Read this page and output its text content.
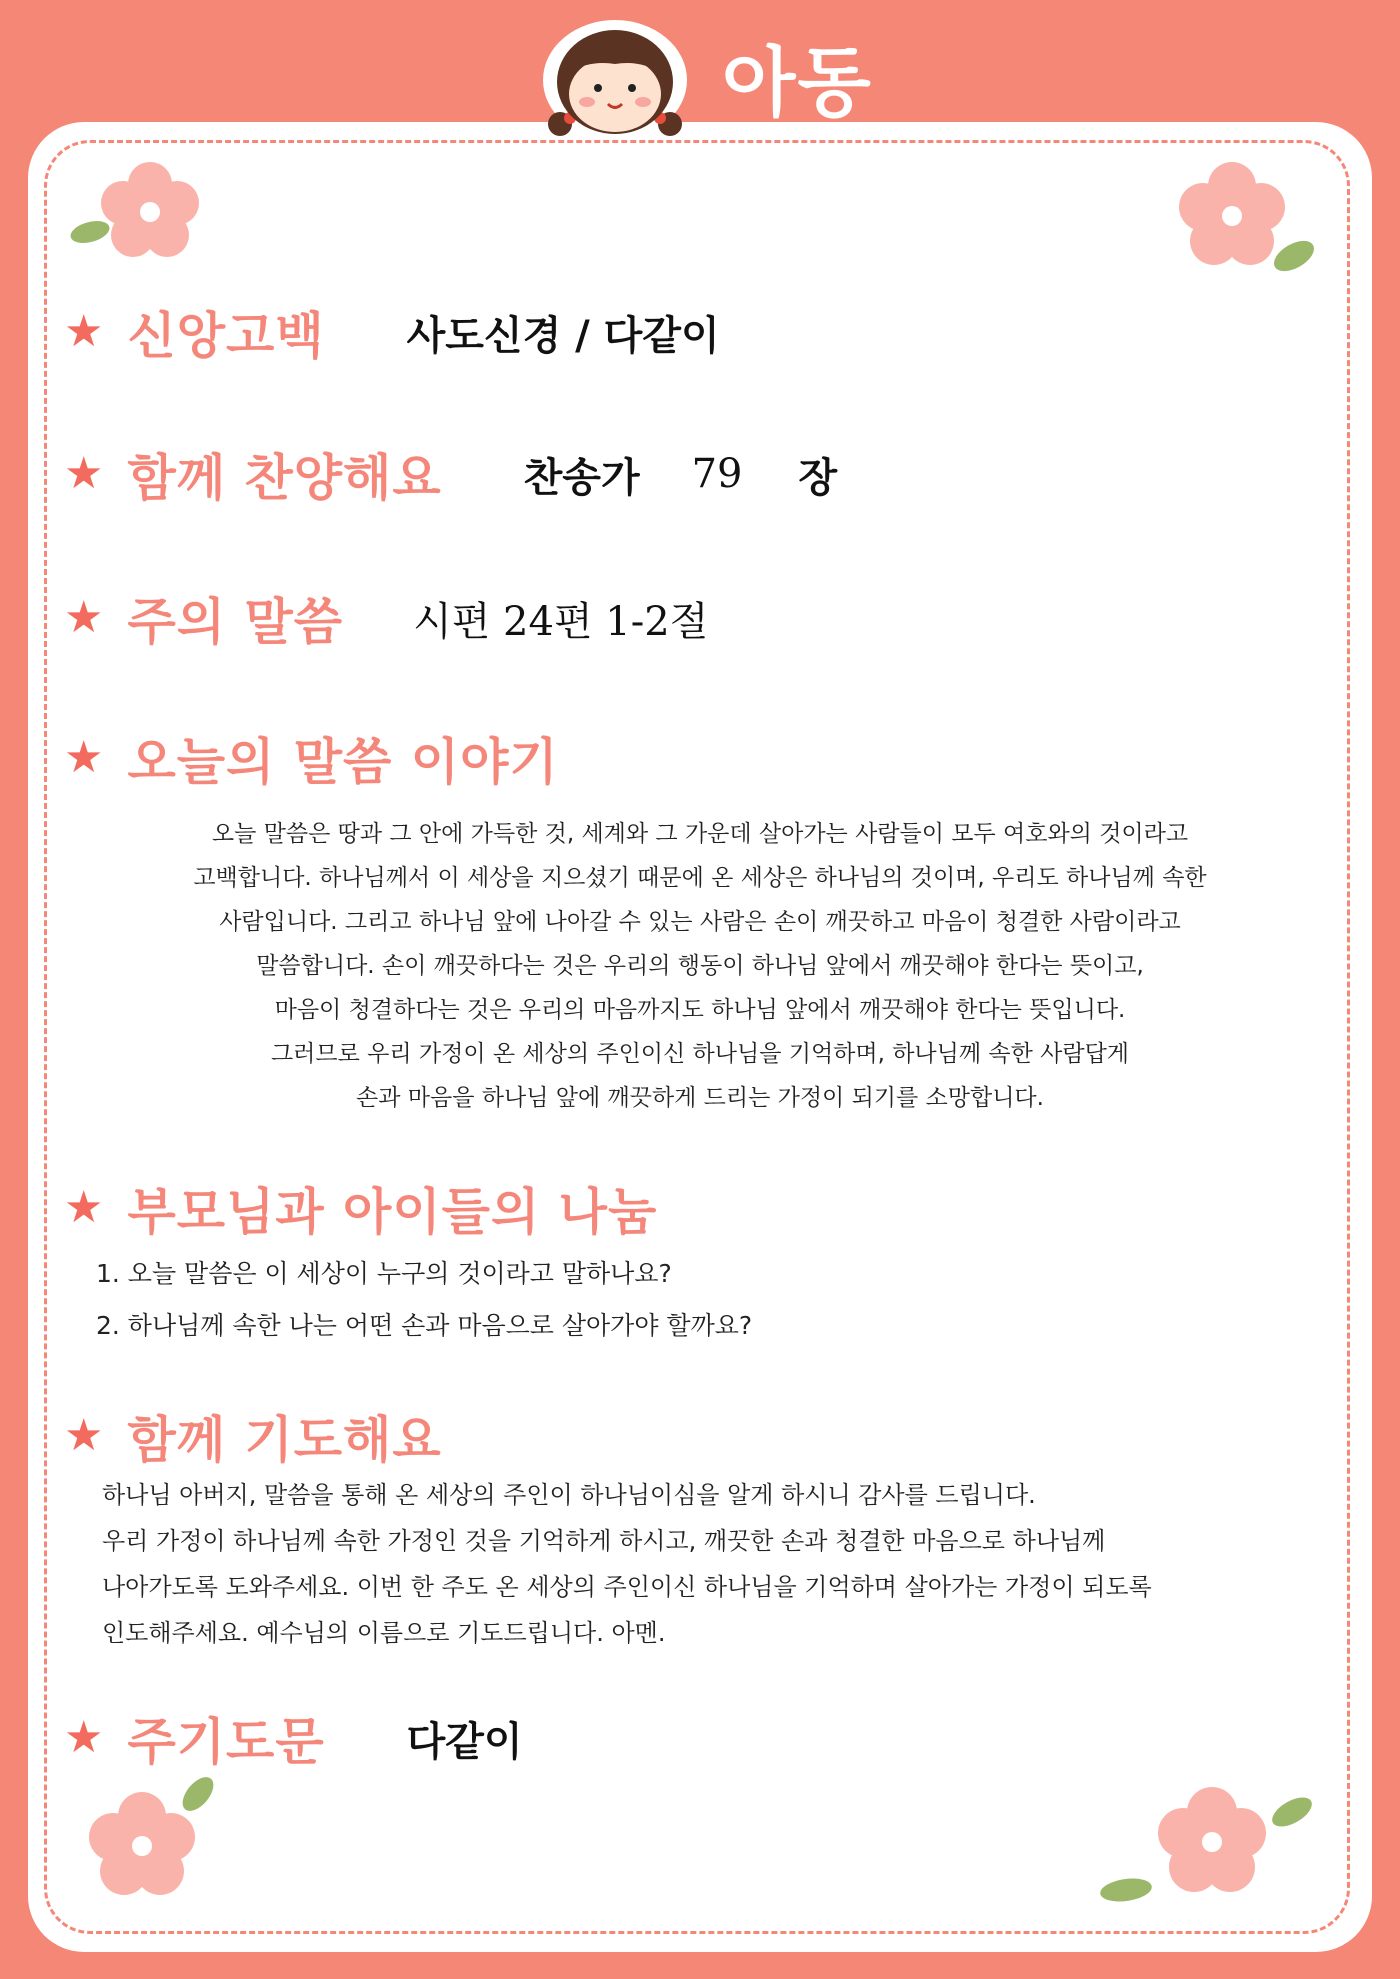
아동
★ 신앙고백 사도신경 / 다같이
★ 함께 찬양해요 찬송가 79 장
★ 주의 말씀 시편 24편 1-2절
★ 오늘의 말씀 이야기

오늘 말씀은 땅과 그 안에 가득한 것, 세계와 그 가운데 살아가는 사람들이 모두 여호와의 것이라고

고백합니다. 하나님께서 이 세상을 지으셨기 때문에 온 세상은 하나님의 것이며, 우리도 하나님께 속한

사람입니다. 그리고 하나님 앞에 나아갈 수 있는 사람은 손이 깨끗하고 마음이 청결한 사람이라고

말씀합니다. 손이 깨끗하다는 것은 우리의 행동이 하나님 앞에서 깨끗해야 한다는 뜻이고,

마음이 청결하다는 것은 우리의 마음까지도 하나님 앞에서 깨끗해야 한다는 뜻입니다.

그러므로 우리 가정이 온 세상의 주인이신 하나님을 기억하며, 하나님께 속한 사람답게

손과 마음을 하나님 앞에 깨끗하게 드리는 가정이 되기를 소망합니다.

★ 부모님과 아이들의 나눔

1. 오늘 말씀은 이 세상이 누구의 것이라고 말하나요?

2. 하나님께 속한 나는 어떤 손과 마음으로 살아가야 할까요?

★ 함께 기도해요

하나님 아버지, 말씀을 통해 온 세상의 주인이 하나님이심을 알게 하시니 감사를 드립니다.

우리 가정이 하나님께 속한 가정인 것을 기억하게 하시고, 깨끗한 손과 청결한 마음으로 하나님께

나아가도록 도와주세요. 이번 한 주도 온 세상의 주인이신 하나님을 기억하며 살아가는 가정이 되도록

인도해주세요. 예수님의 이름으로 기도드립니다. 아멘.

★ 주기도문 다같이
